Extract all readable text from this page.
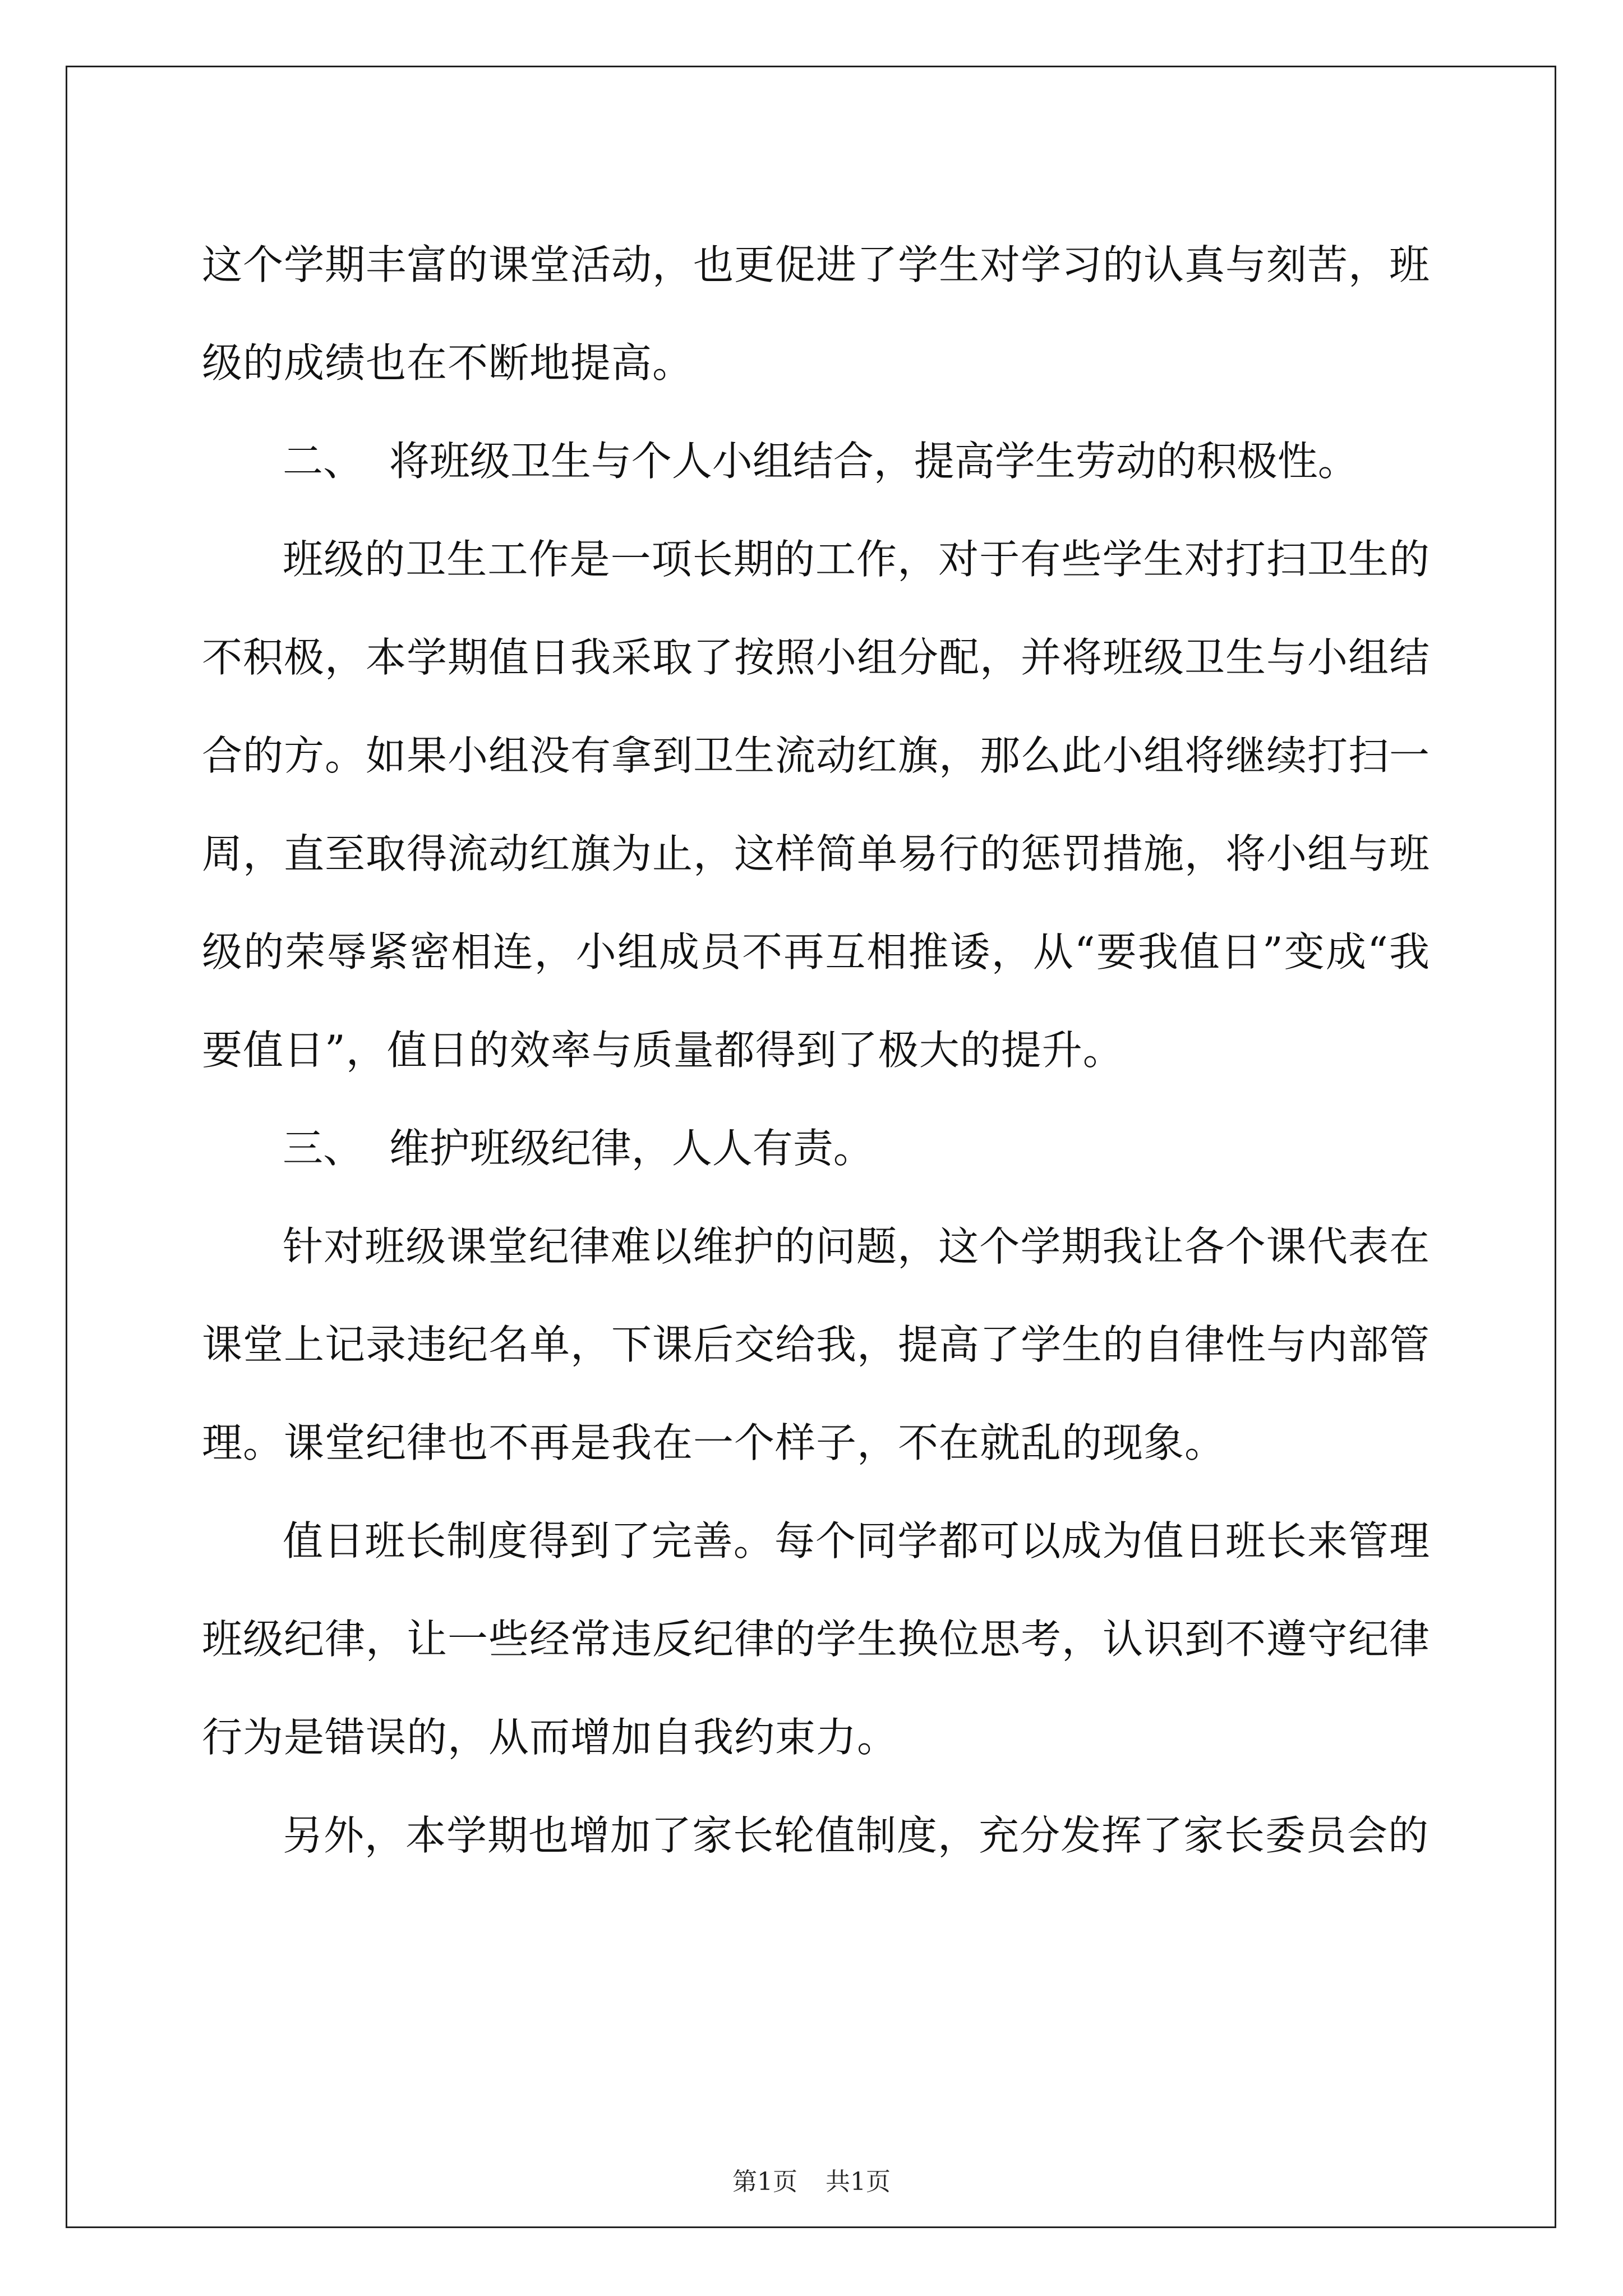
这个学期丰富的课堂活动，也更促进了学生对学习的认真与刻苦，班级的成绩也在不断地提高。

二、  将班级卫生与个人小组结合，提高学生劳动的积极性。

班级的卫生工作是一项长期的工作，对于有些学生对打扫卫生的不积极，本学期值日我采取了按照小组分配，并将班级卫生与小组结合的方。如果小组没有拿到卫生流动红旗，那么此小组将继续打扫一周，直至取得流动红旗为止，这样简单易行的惩罚措施，将小组与班级的荣辱紧密相连，小组成员不再互相推诿，从“要我值日”变成“我要值日”，值日的效率与质量都得到了极大的提升。

三、  维护班级纪律，人人有责。

针对班级课堂纪律难以维护的问题，这个学期我让各个课代表在课堂上记录违纪名单，下课后交给我，提高了学生的自律性与内部管理。课堂纪律也不再是我在一个样子，不在就乱的现象。

值日班长制度得到了完善。每个同学都可以成为值日班长来管理班级纪律，让一些经常违反纪律的学生换位思考，认识到不遵守纪律行为是错误的，从而增加自我约束力。

另外，本学期也增加了家长轮值制度，充分发挥了家长委员会的

第1页 共1页
